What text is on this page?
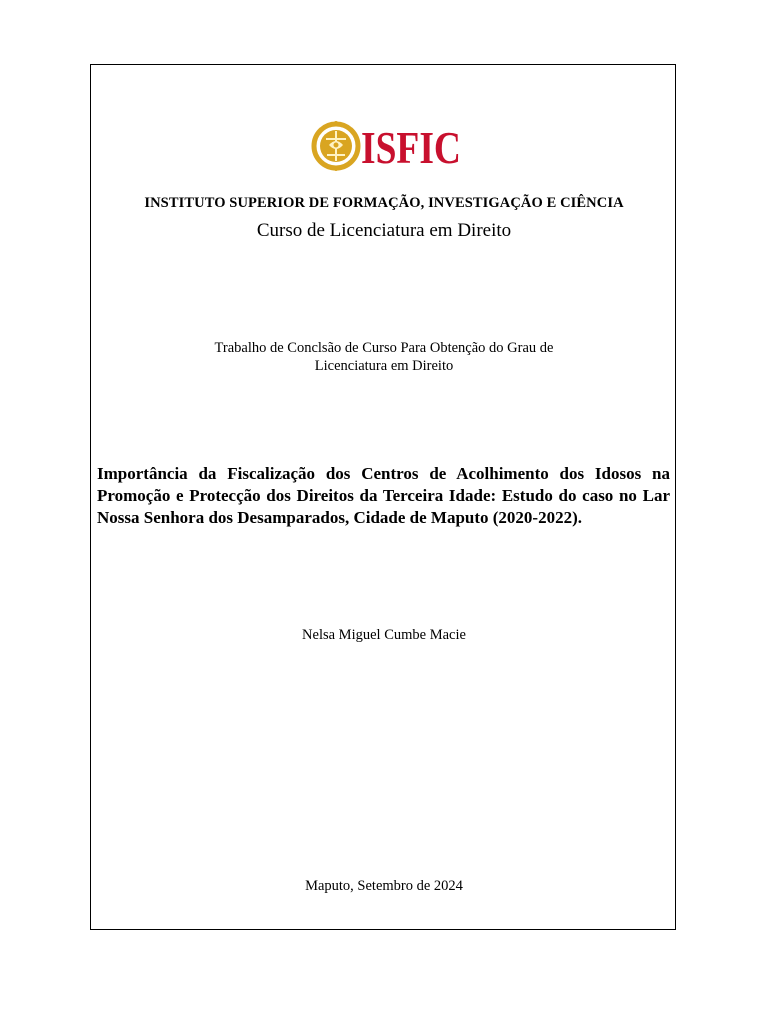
ISFIC
INSTITUTO SUPERIOR DE FORMAÇÃO, INVESTIGAÇÃO E CIÊNCIA
Curso de Licenciatura em Direito
Trabalho de Conclsão de Curso Para Obtenção do Grau de
Licenciatura em Direito
Importância da Fiscalização dos Centros de Acolhimento dos Idosos na Promoção e Protecção dos Direitos da Terceira Idade: Estudo do caso no Lar Nossa Senhora dos Desamparados, Cidade de Maputo (2020-2022).
Nelsa Miguel Cumbe Macie
Maputo, Setembro de 2024
